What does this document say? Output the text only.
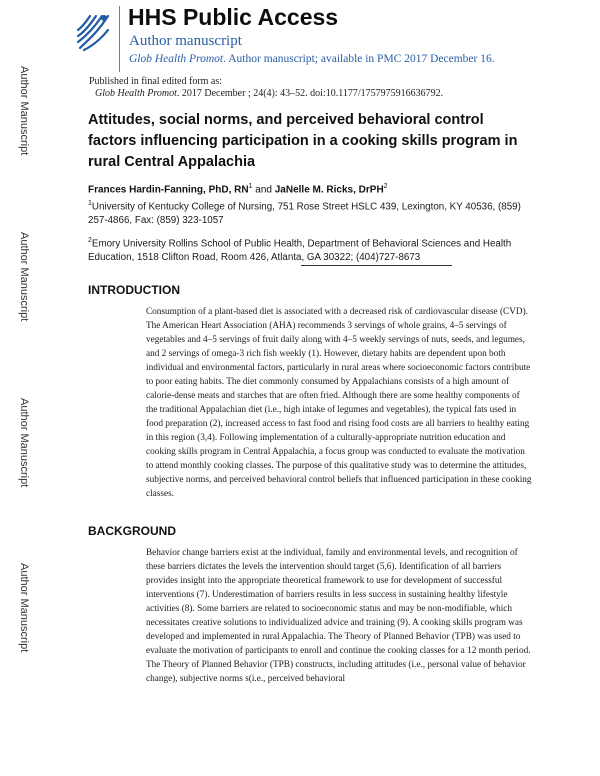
Author Manuscript
Author Manuscript
Author Manuscript
Author Manuscript
HHS Public Access
Author manuscript
Glob Health Promot. Author manuscript; available in PMC 2017 December 16.
Published in final edited form as:
Glob Health Promot. 2017 December ; 24(4): 43–52. doi:10.1177/1757975916636792.
Attitudes, social norms, and perceived behavioral control factors influencing participation in a cooking skills program in rural Central Appalachia
Frances Hardin-Fanning, PhD, $RN^1$ and JaNelle M. Ricks, DrPH$^2$
$^1$University of Kentucky College of Nursing, 751 Rose Street HSLC 439, Lexington, KY 40536, (859) 257-4866, Fax: (859) 323-1057
$^2$Emory University Rollins School of Public Health, Department of Behavioral Sciences and Health Education, 1518 Clifton Road, Room 426, Atlanta, GA 30322; (404)727-8673
INTRODUCTION
Consumption of a plant-based diet is associated with a decreased risk of cardiovascular disease (CVD). The American Heart Association (AHA) recommends 3 servings of whole grains, 4–5 servings of vegetables and 4–5 servings of fruit daily along with 4–5 weekly servings of nuts, seeds, and legumes, and 2 servings of omega-3 rich fish weekly (1). However, dietary habits are dependent upon both individual and environmental factors, particularly in rural areas where socioeconomic factors contribute to poor eating habits. The diet commonly consumed by Appalachians consists of a high amount of calorie-dense meats and starches that are often fried. Although there are some healthy components of the traditional Appalachian diet (i.e., high intake of legumes and vegetables), the typical fats used in food preparation (2), increased access to fast food and rising food costs are all barriers to healthy eating in this region (3,4). Following implementation of a culturally-appropriate nutrition education and cooking skills program in Central Appalachia, a focus group was conducted to evaluate the motivation to attend monthly cooking classes. The purpose of this qualitative study was to determine the attitudes, subjective norms, and perceived behavioral control beliefs that influenced participation in these cooking classes.
BACKGROUND
Behavior change barriers exist at the individual, family and environmental levels, and recognition of these barriers dictates the levels the intervention should target (5,6). Identification of all barriers provides insight into the appropriate theoretical framework to use for development of successful interventions (7). Underestimation of barriers results in less success in sustaining healthy lifestyle activities (8). Some barriers are related to socioeconomic status and may be non-modifiable, which necessitates creative solutions to individualized advice and training (9). A cooking skills program was developed and implemented in rural Appalachia. The Theory of Planned Behavior (TPB) was used to evaluate the motivation of participants to enroll and continue the cooking classes for a 12 month period. The Theory of Planned Behavior (TPB) constructs, including attitudes (i.e., personal value of behavior change), subjective norms s(i.e., perceived behavioral
